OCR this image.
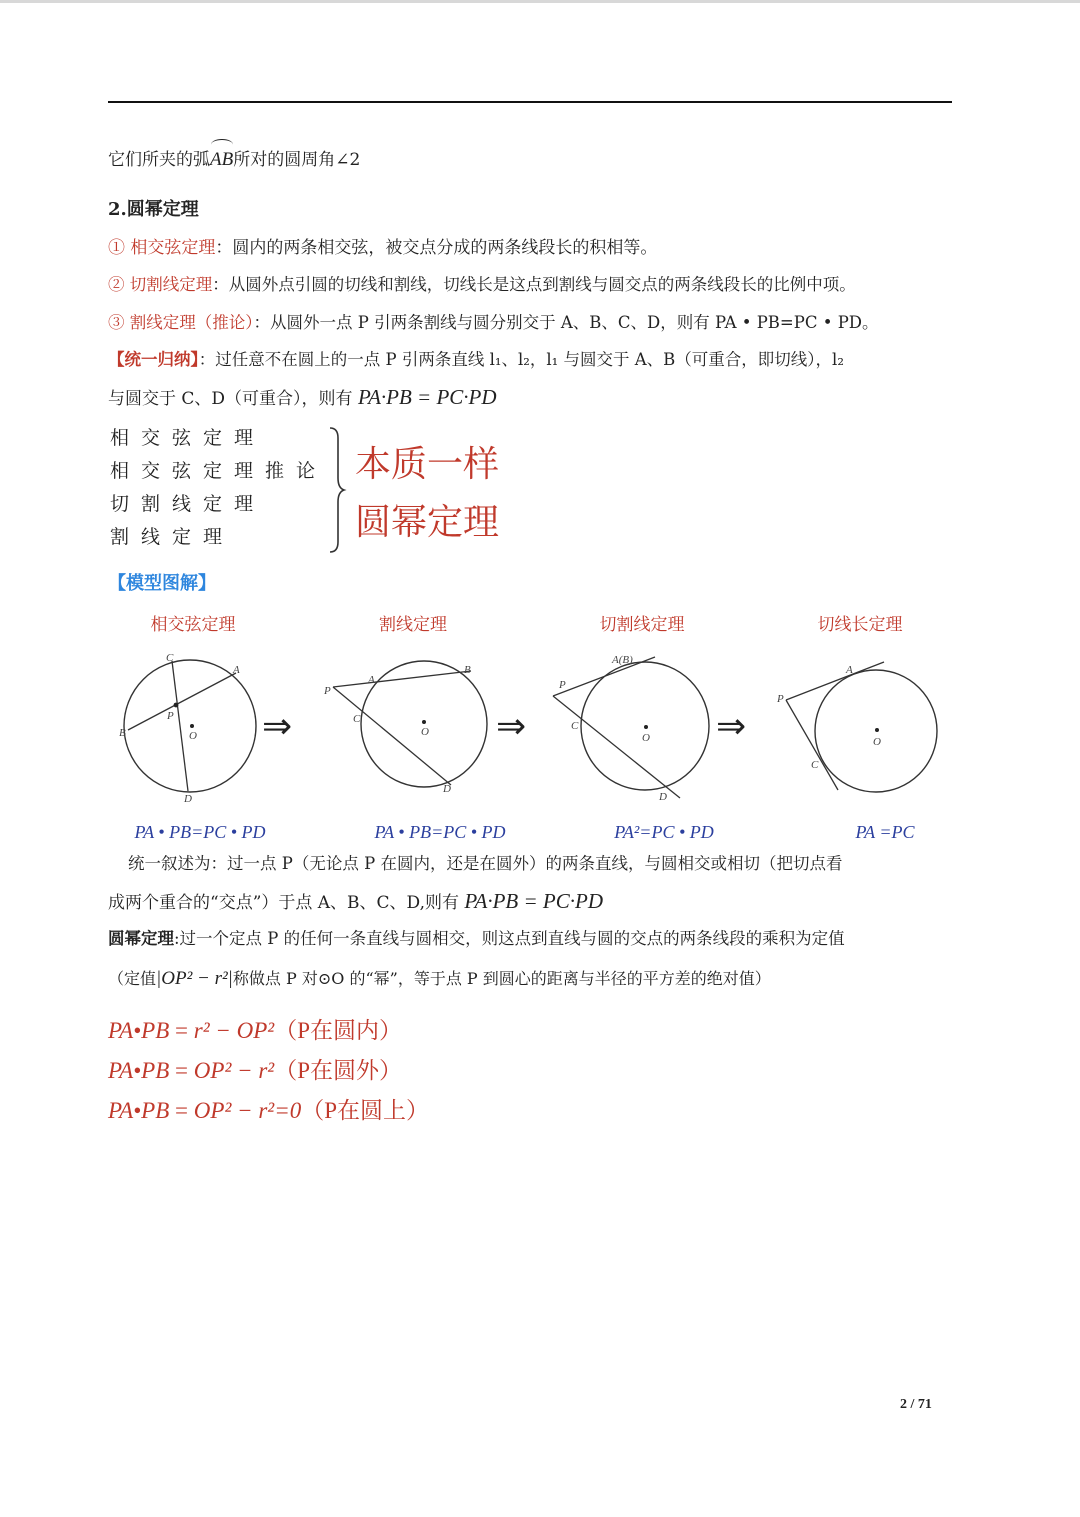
它们所夹的弧
AB所对的圆周角∠2
2.圆幂定理
① 相交弦定理：圆内的两条相交弦，被交点分成的两条线段长的积相等。
② 切割线定理：从圆外点引圆的切线和割线，切线长是这点到割线与圆交点的两条线段长的比例中项。
③ 割线定理（推论）：从圆外一点 P 引两条割线与圆分别交于 A、B、C、D，则有 PA • PB=PC • PD。
【统一归纳】：过任意不在圆上的一点 P 引两条直线 l₁、l₂，l₁ 与圆交于 A、B（可重合，即切线），l₂
与圆交于 C、D（可重合），则有 PA·PB = PC·PD
相交弦定理
相交弦定理推论
切割线定理
割线定理
本质一样
圆幂定理
【模型图解】
相交弦定理	割线定理	切割线定理	切线长定理
C
A
B
P
O
D
⇒
P
A
B
C
O
D
⇒
A(B)
P
C
O
D
⇒
P
A
O
C
PA • PB=PC • PD	PA • PB=PC • PD	PA²=PC • PD	PA =PC
统一叙述为：过一点 P（无论点 P 在圆内，还是在圆外）的两条直线，与圆相交或相切（把切点看
成两个重合的“交点”）于点 A、B、C、D,则有 PA·PB = PC·PD
圆幂定理:过一个定点 P 的任何一条直线与圆相交，则这点到直线与圆的交点的两条线段的乘积为定值
（定值|OP² − r²|称做点 P 对⊙O 的“幂”，等于点 P 到圆心的距离与半径的平方差的绝对值）
PA•PB = r² − OP²（P在圆内）
PA•PB = OP² − r²（P在圆外）
PA•PB = OP² − r²=0（P在圆上）
2 / 71
